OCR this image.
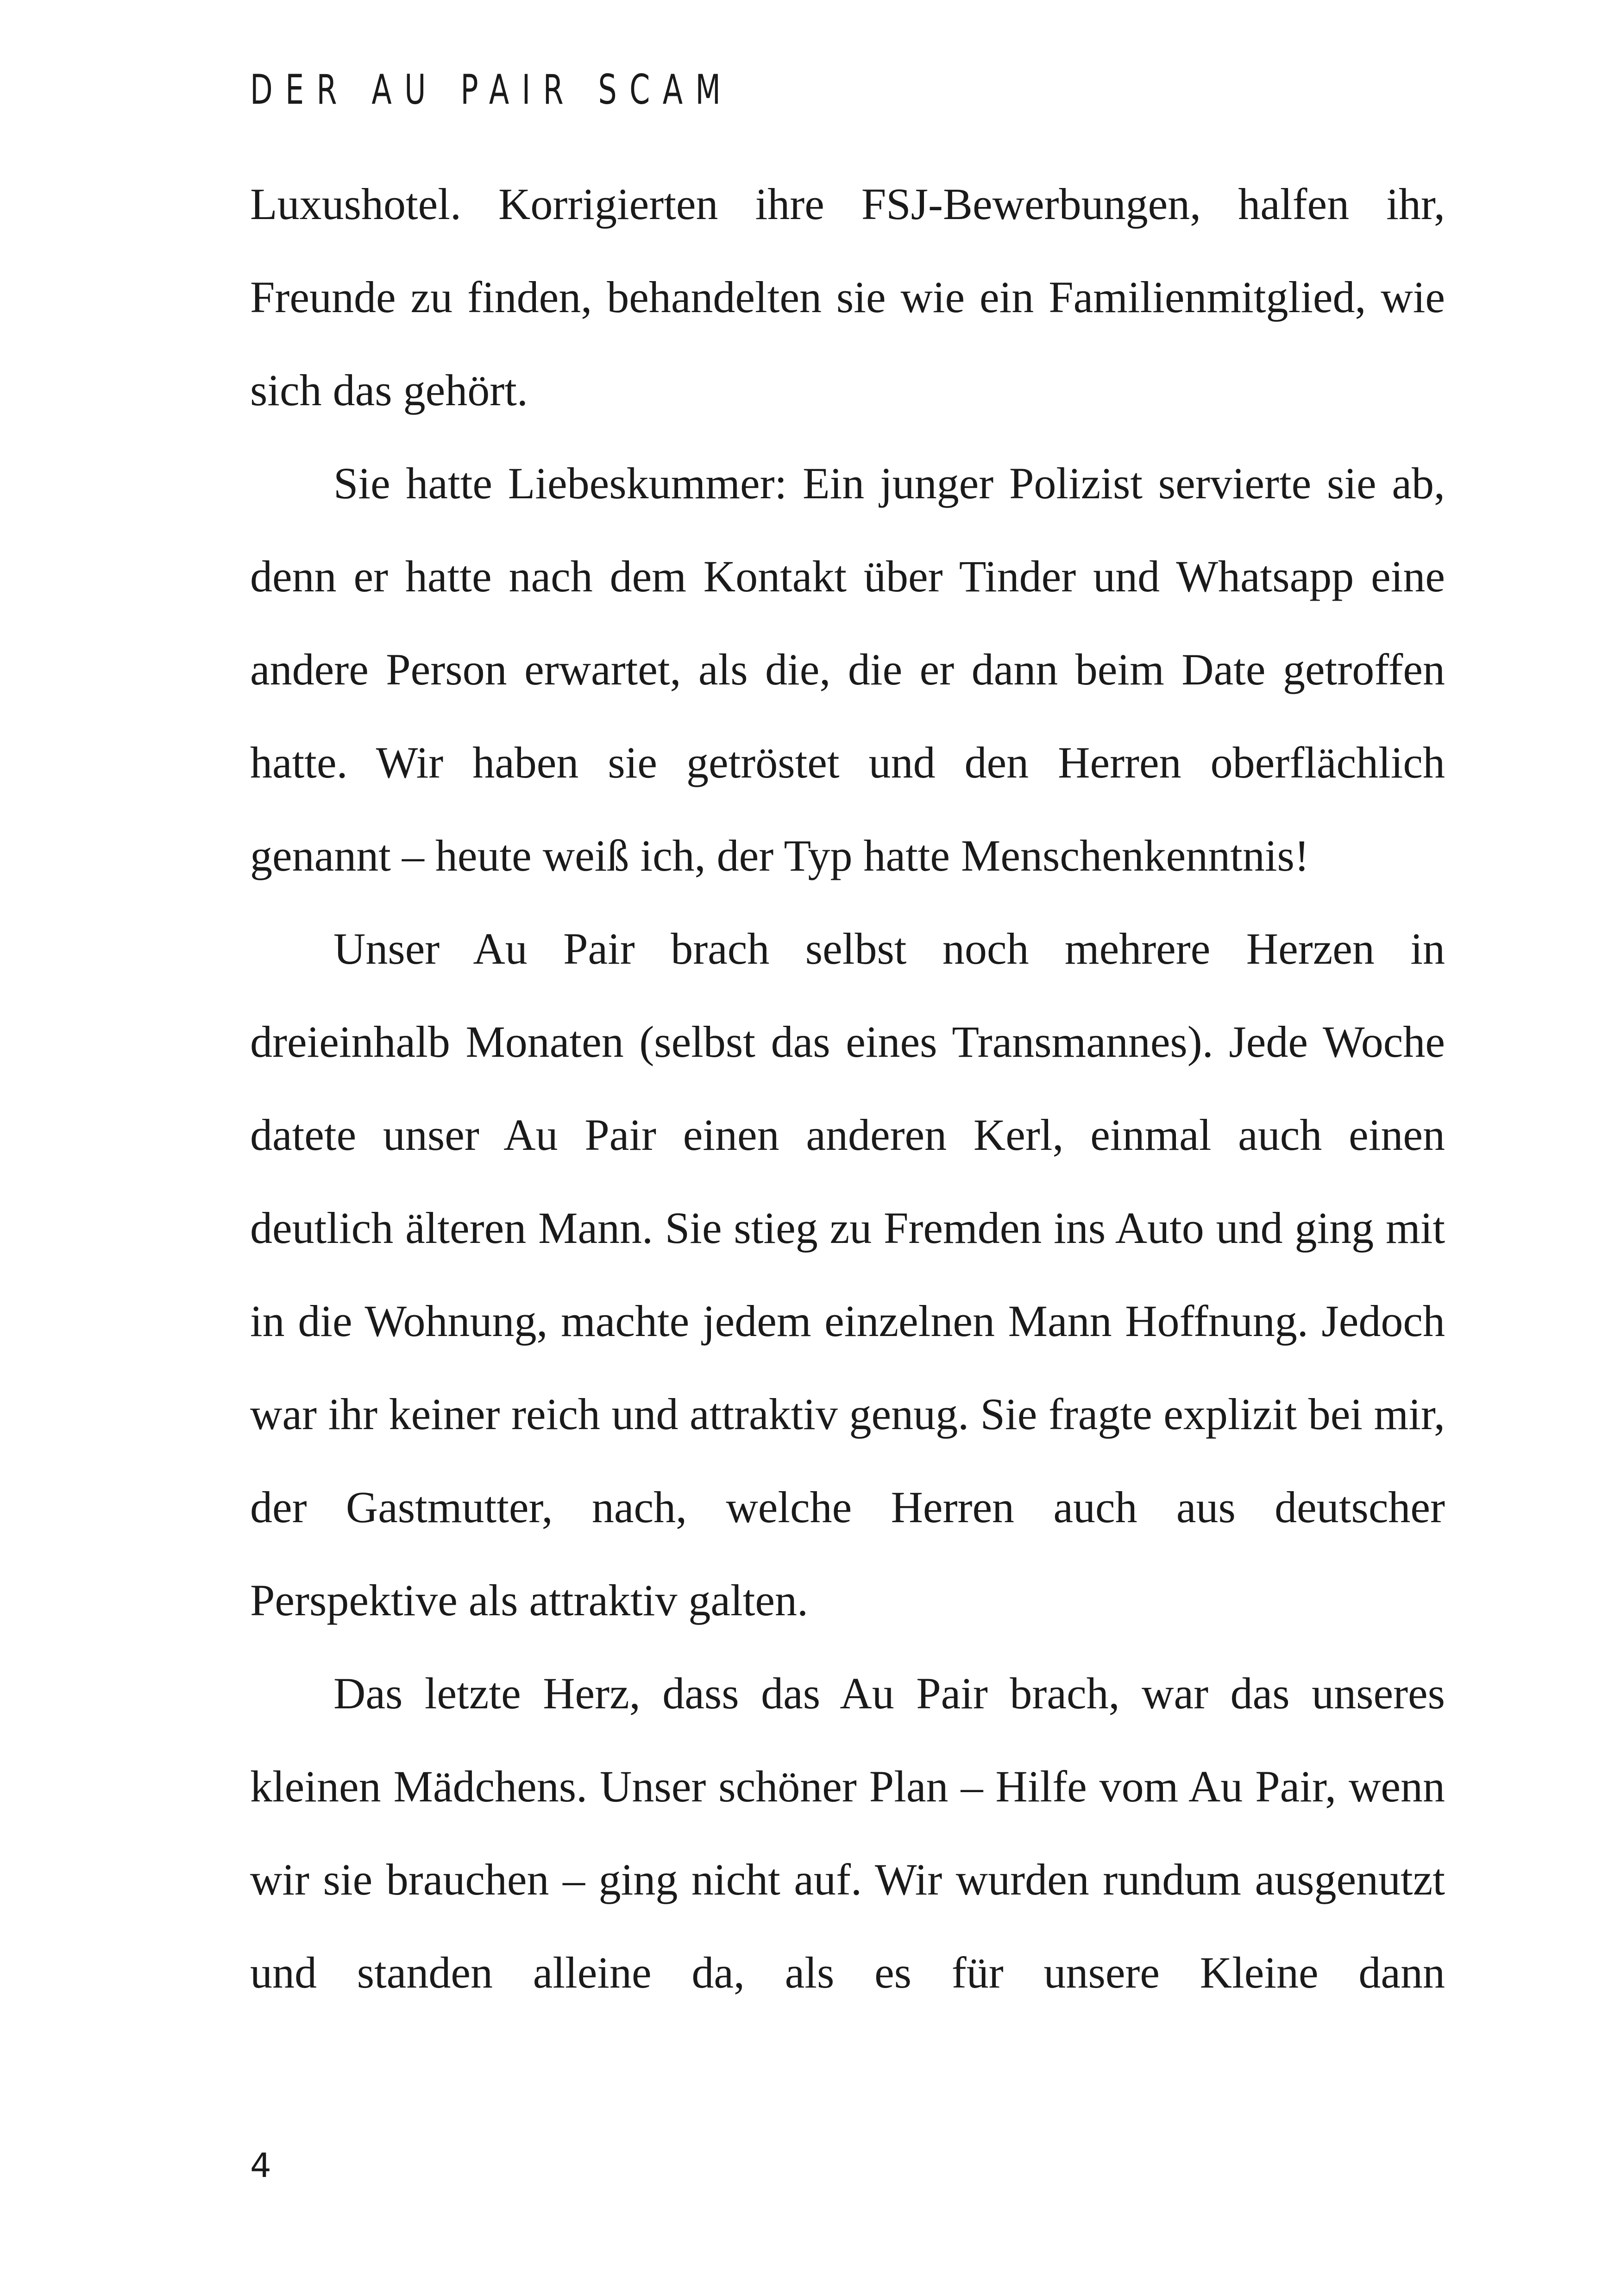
DER AU PAIR SCAM

Luxushotel. Korrigierten ihre FSJ-Bewerbungen, halfen ihr, Freunde zu finden, behandelten sie wie ein Familienmitglied, wie sich das gehört.

Sie hatte Liebeskummer: Ein junger Polizist servierte sie ab, denn er hatte nach dem Kontakt über Tinder und Whatsapp eine andere Person erwartet, als die, die er dann beim Date getroffen hatte. Wir haben sie getröstet und den Herren oberflächlich genannt – heute weiß ich, der Typ hatte Menschenkenntnis!

Unser Au Pair brach selbst noch mehrere Herzen in dreieinhalb Monaten (selbst das eines Transmannes). Jede Woche datete unser Au Pair einen anderen Kerl, einmal auch einen deutlich älteren Mann. Sie stieg zu Fremden ins Auto und ging mit in die Wohnung, machte jedem einzelnen Mann Hoffnung. Jedoch war ihr keiner reich und attraktiv genug. Sie fragte explizit bei mir, der Gastmutter, nach, welche Herren auch aus deutscher Perspektive als attraktiv galten.

Das letzte Herz, dass das Au Pair brach, war das unseres kleinen Mädchens. Unser schöner Plan – Hilfe vom Au Pair, wenn wir sie brauchen – ging nicht auf. Wir wurden rundum ausgenutzt und standen alleine da, als es für unsere Kleine dann

4
